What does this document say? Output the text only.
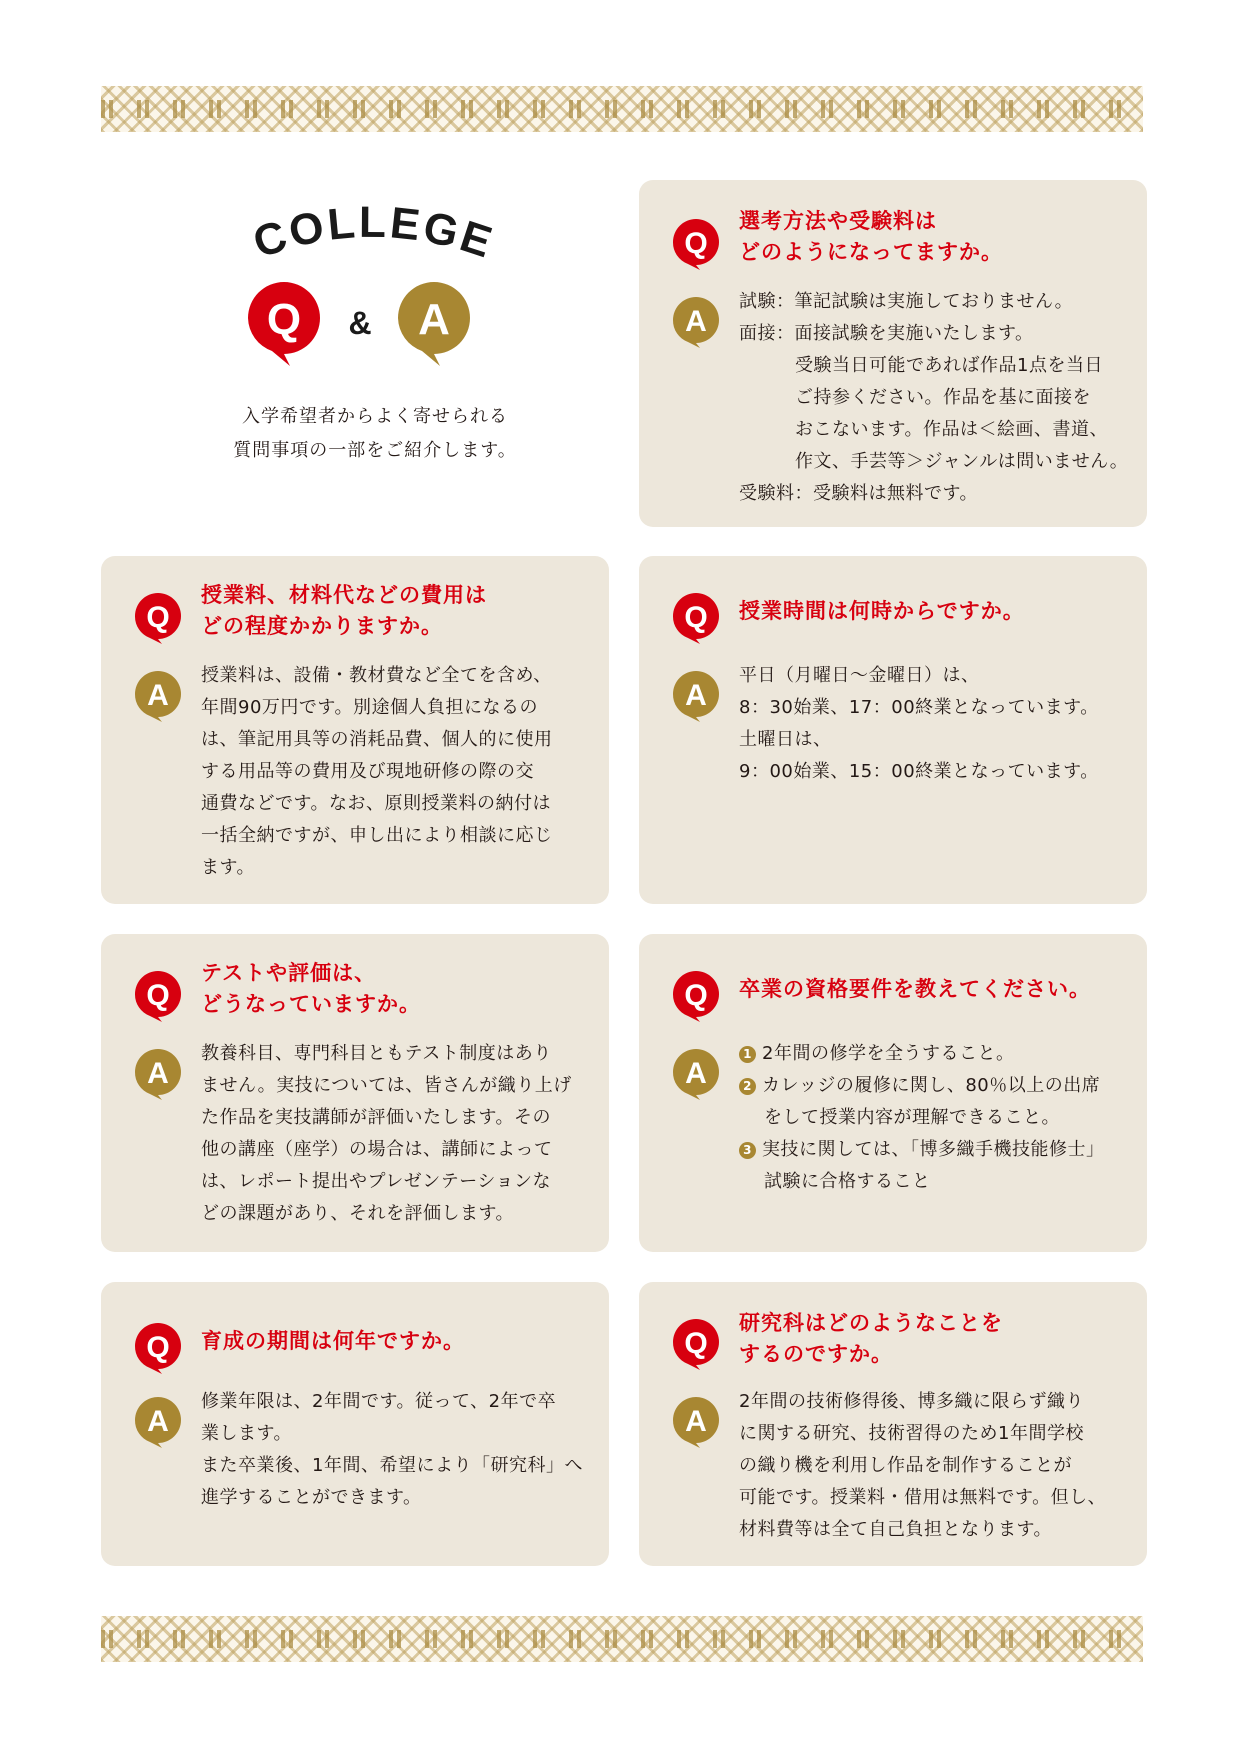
COLLEGE
Q & A
入学希望者からよく寄せられる
質問事項の一部をご紹介します。
Q
選考方法や受験料は
どのようになってますか。
A
試験：筆記試験は実施しておりません。
面接：面接試験を実施いたします。
受験当日可能であれば作品1点を当日
ご持参ください。作品を基に面接を
おこないます。作品は＜絵画、書道、
作文、手芸等＞ジャンルは問いません。
受験料：受験料は無料です。
Q
授業料、材料代などの費用は
どの程度かかりますか。
A
授業料は、設備・教材費など全てを含め、
年間90万円です。別途個人負担になるの
は、筆記用具等の消耗品費、個人的に使用
する用品等の費用及び現地研修の際の交
通費などです。なお、原則授業料の納付は
一括全納ですが、申し出により相談に応じ
ます。
Q 授業時間は何時からですか。
A
平日（月曜日〜金曜日）は、
8：30始業、17：00終業となっています。
土曜日は、
9：00始業、15：00終業となっています。
Q
テストや評価は、
どうなっていますか。
A
教養科目、専門科目ともテスト制度はあり
ません。実技については、皆さんが織り上げ
た作品を実技講師が評価いたします。その
他の講座（座学）の場合は、講師によって
は、レポート提出やプレゼンテーションな
どの課題があり、それを評価します。
Q 卒業の資格要件を教えてください。
A
1 2年間の修学を全うすること。
2 カレッジの履修に関し、80％以上の出席
をして授業内容が理解できること。
3 実技に関しては、「博多織手機技能修士」
試験に合格すること
Q 育成の期間は何年ですか。
A
修業年限は、2年間です。従って、2年で卒
業します。
また卒業後、1年間、希望により「研究科」へ
進学することができます。
Q
研究科はどのようなことを
するのですか。
A
2年間の技術修得後、博多織に限らず織り
に関する研究、技術習得のため1年間学校
の織り機を利用し作品を制作することが
可能です。授業料・借用は無料です。但し、
材料費等は全て自己負担となります。
